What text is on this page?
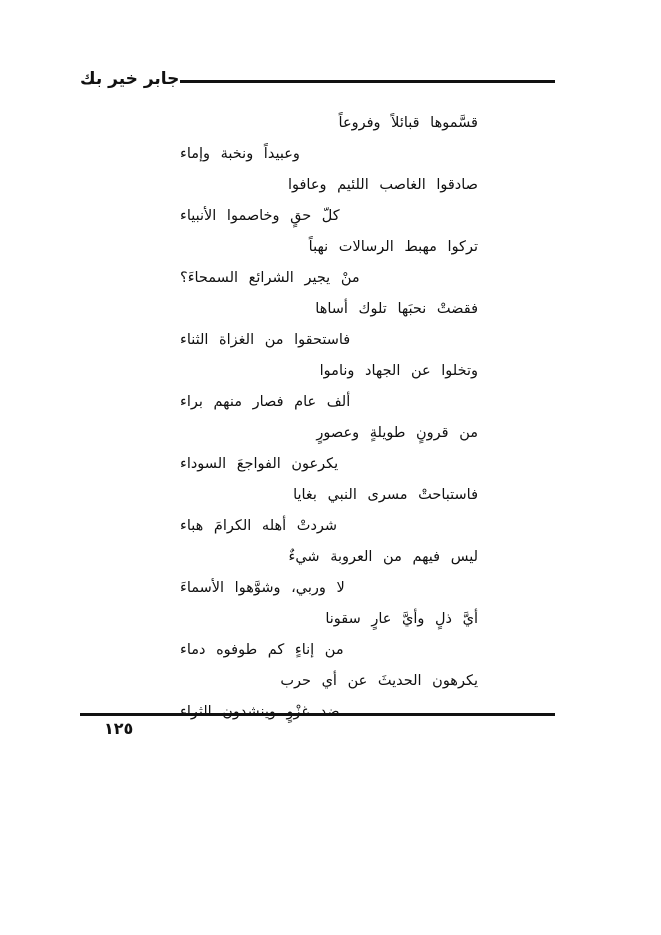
جابر خير بك
قسَّموها قبائلاً وفروعاً
وعبيداً ونخبة وإماء
صادقوا الغاصب اللئيم وعافوا
كلّ حقٍ وخاصموا الأنبياء
تركوا مهبط الرسالات نهباً
منْ يجير الشرائع السمحاءَ؟
فقضتْ نحبَها تلوك أساها
فاستحقوا من الغزاة الثناء
وتخلوا عن الجهاد وناموا
ألف عام فصار منهم براء
من قرونٍ طويلةٍ وعصورٍ
يكرعون الفواجعَ السوداء
فاستباحتْ مسرى النبي بغايا
شردتْ أهله الكرامَ هباء
ليس فيهم من العروبة شيءٌ
لا وربي، وشوَّهوا الأسماءَ
أيَّ ذلٍ وأيَّ عارٍ سقونا
من إناءٍ كم طوفوه دماء
يكرهون الحديثَ عن أي حرب
ضد غزْوٍ وينشدون الثراء
١٢٥
